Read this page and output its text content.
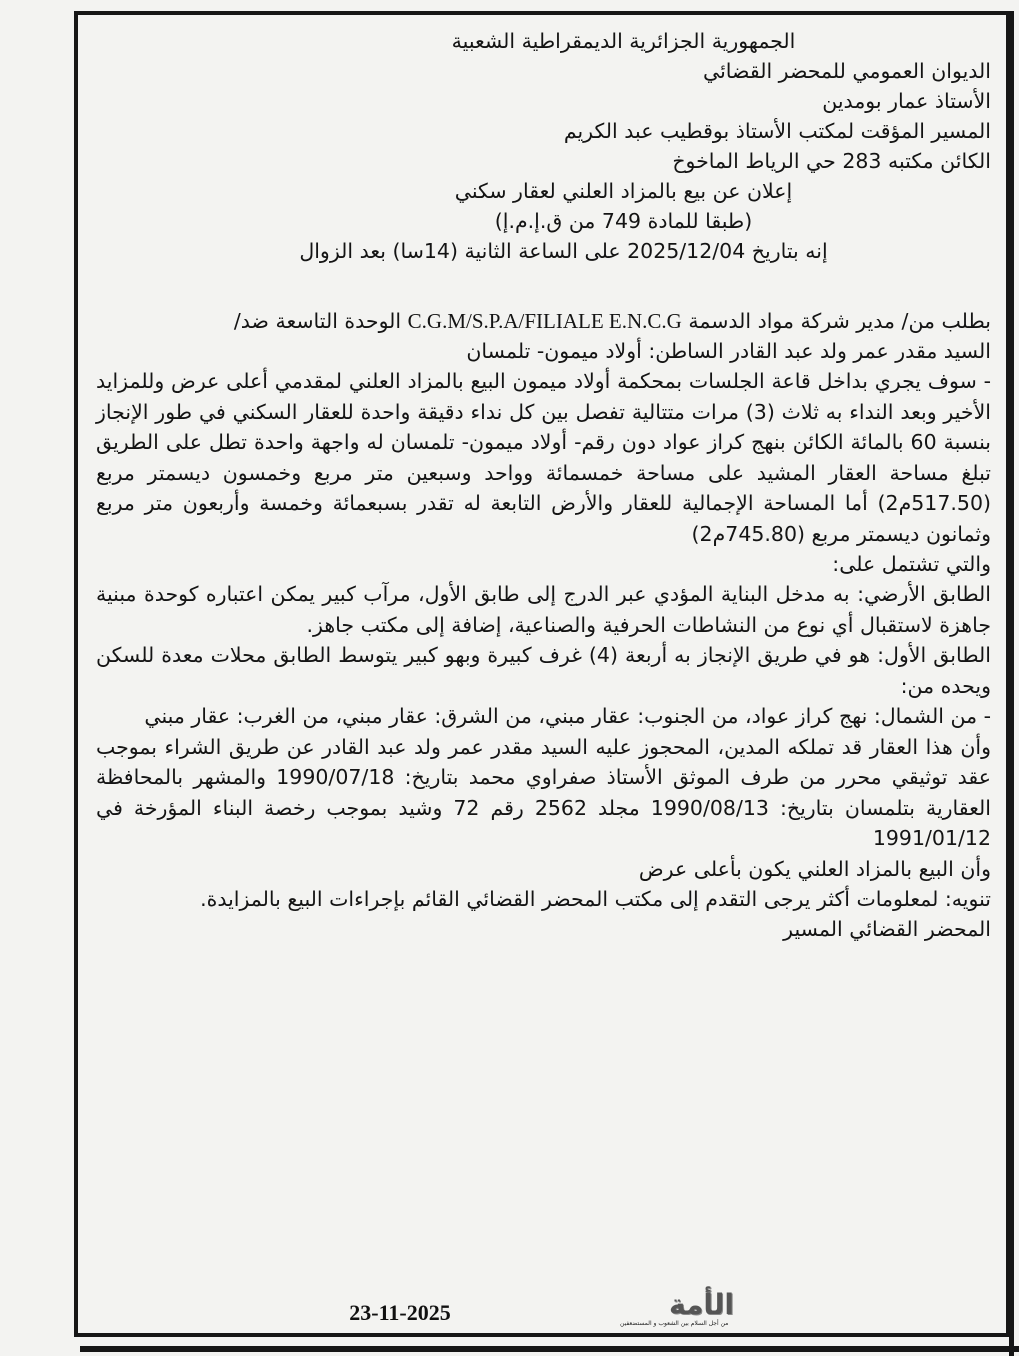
الجمهورية الجزائرية الديمقراطية الشعبية
الديوان العمومي للمحضر القضائي
الأستاذ عمار بومدين
المسير المؤقت لمكتب الأستاذ بوقطيب عبد الكريم
الكائن مكتبه 283 حي الرياط الماخوخ
إعلان عن بيع بالمزاد العلني لعقار سكني
(طبقا للمادة 749 من ق.إ.م.إ)
إنه بتاريخ 2025/12/04 على الساعة الثانية (14سا) بعد الزوال
بطلب من/ مدير شركة مواد الدسمة C.G.M/S.P.A/FILIALE E.N.C.G الوحدة التاسعة ضد/
السيد مقدر عمر ولد عبد القادر الساطن: أولاد ميمون- تلمسان
- سوف يجري بداخل قاعة الجلسات بمحكمة أولاد ميمون البيع بالمزاد العلني لمقدمي أعلى عرض وللمزايد الأخير وبعد النداء به ثلاث (3) مرات متتالية تفصل بين كل نداء دقيقة واحدة للعقار السكني في طور الإنجاز بنسبة 60 بالمائة الكائن بنهج كراز عواد دون رقم- أولاد ميمون- تلمسان له واجهة واحدة تطل على الطريق تبلغ مساحة العقار المشيد على مساحة خمسمائة وواحد وسبعين متر مربع وخمسون ديسمتر مربع (517.50م2) أما المساحة الإجمالية للعقار والأرض التابعة له تقدر بسبعمائة وخمسة وأربعون متر مربع وثمانون ديسمتر مربع (745.80م2)
والتي تشتمل على:
الطابق الأرضي: به مدخل البناية المؤدي عبر الدرج إلى طابق الأول، مرآب كبير يمكن اعتباره كوحدة مبنية جاهزة لاستقبال أي نوع من النشاطات الحرفية والصناعية، إضافة إلى مكتب جاهز.
الطابق الأول: هو في طريق الإنجاز به أربعة (4) غرف كبيرة وبهو كبير يتوسط الطابق محلات معدة للسكن ويحده من:
- من الشمال: نهج كراز عواد، من الجنوب: عقار مبني، من الشرق: عقار مبني، من الغرب: عقار مبني
وأن هذا العقار قد تملكه المدين، المحجوز عليه السيد مقدر عمر ولد عبد القادر عن طريق الشراء بموجب عقد توثيقي محرر من طرف الموثق الأستاذ صفراوي محمد بتاريخ: 1990/07/18 والمشهر بالمحافظة العقارية بتلمسان بتاريخ: 1990/08/13 مجلد 2562 رقم 72 وشيد بموجب رخصة البناء المؤرخة في 1991/01/12
وأن البيع بالمزاد العلني يكون بأعلى عرض
تنويه: لمعلومات أكثر يرجى التقدم إلى مكتب المحضر القضائي القائم بإجراءات البيع بالمزايدة.
المحضر القضائي المسير
23-11-2025	الأمة
من أجل السلام بين الشعوب و المستضعفين
